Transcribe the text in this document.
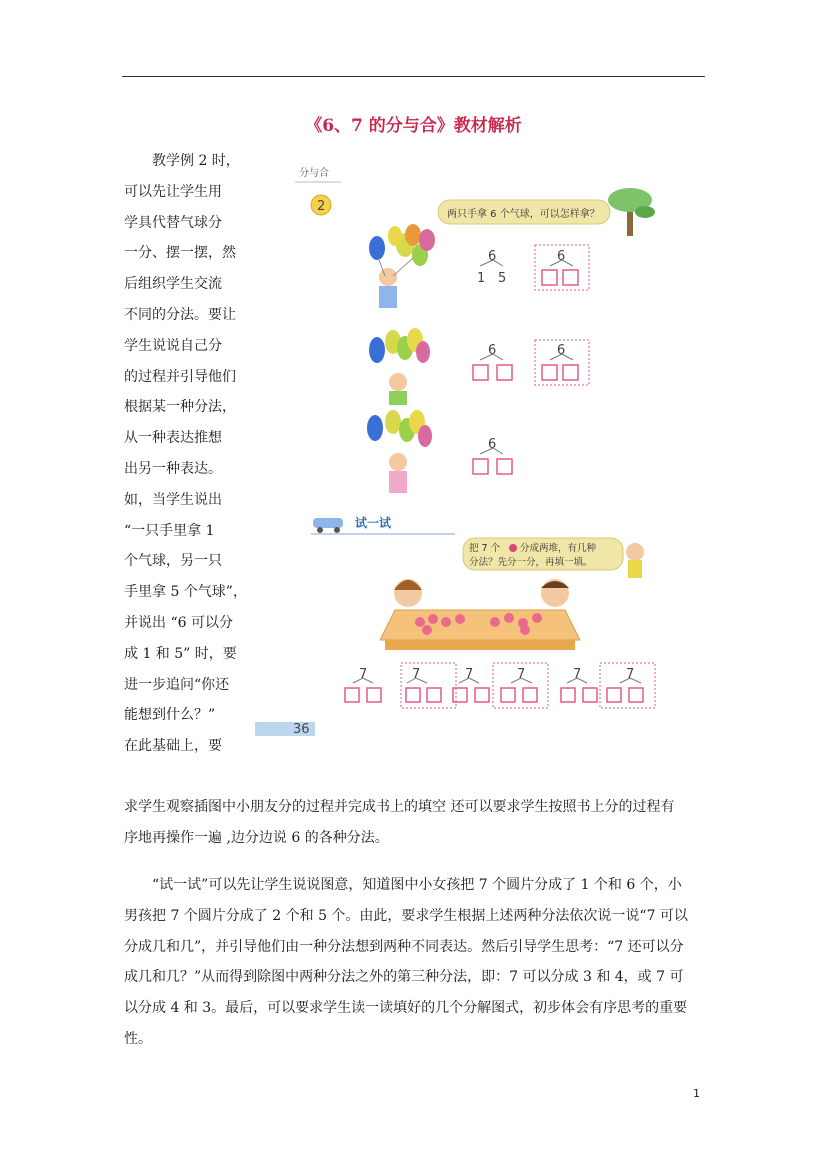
《6、7 的分与合》教材解析
教学例 2 时，
可以先让学生用
学具代替气球分
一分、摆一摆，然
后组织学生交流
不同的分法。要让
学生说说自己分
的过程并引导他们
根据某一种分法，
从一种表达推想
出另一种表达。
如，当学生说出
“一只手里拿 1
个气球，另一只
手里拿 5 个气球”，
并说出 “6 可以分
成 1 和 5” 时，要
进一步追问“你还
能想到什么？”
在此基础上，要
求学生观察插图中小朋友分的过程并完成书上的填空 还可以要求学生按照书上分的过程有
序地再操作一遍 ,边分边说 6 的各种分法。
“试一试”可以先让学生说说图意，知道图中小女孩把 7 个圆片分成了 1 个和 6 个，小
男孩把 7 个圆片分成了 2 个和 5 个。由此，要求学生根据上述两种分法依次说一说“7 可以
分成几和几”，并引导他们由一种分法想到两种不同表达。然后引导学生思考：“7 还可以分
成几和几？”从而得到除图中两种分法之外的第三种分法，即：7 可以分成 3 和 4，或 7 可
以分成 4 和 3。最后，可以要求学生读一读填好的几个分解图式，初步体会有序思考的重要
性。
分与合
2
两只手拿 6 个气球，可以怎样拿？
6
1 5
6
6	6
6
试一试
把 7 个 分成两堆，有几种
分法？先分一分，再填一填。
7	7	7	7	7	7
36
1
